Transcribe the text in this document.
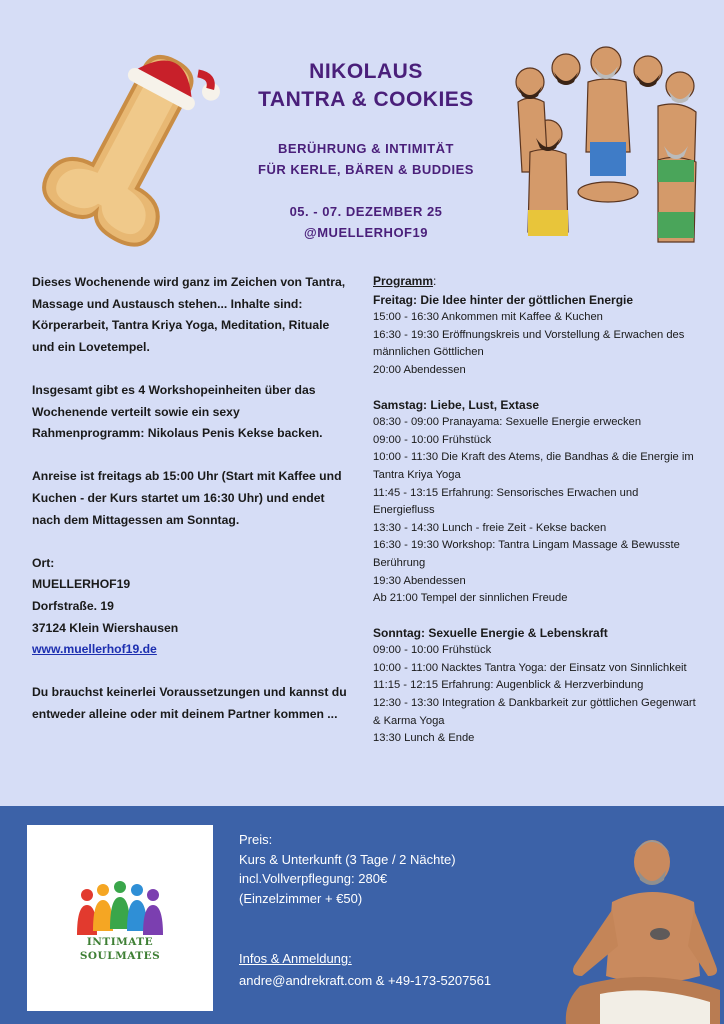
NIKOLAUS
TANTRA & COOKIES
BERÜHRUNG & INTIMITÄT
FÜR KERLE, BÄREN & BUDDIES
05. - 07. DEZEMBER 25
@MUELLERHOF19

Dieses Wochenende wird ganz im Zeichen von Tantra, Massage und Austausch stehen... Inhalte sind: Körperarbeit, Tantra Kriya Yoga, Meditation, Rituale und ein Lovetempel.

Insgesamt gibt es 4 Workshopeinheiten über das Wochenende verteilt sowie ein sexy Rahmenprogramm: Nikolaus Penis Kekse backen.

Anreise ist freitags ab 15:00 Uhr (Start mit Kaffee und Kuchen - der Kurs startet um 16:30 Uhr) und endet nach dem Mittagessen am Sonntag.

Ort:
MUELLERHOF19
Dorfstraße. 19
37124 Klein Wiershausen
www.muellerhof19.de

Du brauchst keinerlei Voraussetzungen und kannst du entweder alleine oder mit deinem Partner kommen ...

Programm:
Freitag: Die Idee hinter der göttlichen Energie
15:00 - 16:30 Ankommen mit Kaffee & Kuchen
16:30 - 19:30 Eröffnungskreis und Vorstellung & Erwachen des männlichen Göttlichen
20:00 Abendessen
Samstag: Liebe, Lust, Extase
08:30 - 09:00 Pranayama: Sexuelle Energie erwecken
09:00 - 10:00 Frühstück
10:00 - 11:30 Die Kraft des Atems, die Bandhas & die Energie im Tantra Kriya Yoga
11:45 - 13:15 Erfahrung: Sensorisches Erwachen und Energiefluss
13:30 - 14:30 Lunch - freie Zeit - Kekse backen
16:30 - 19:30 Workshop: Tantra Lingam Massage & Bewusste Berührung
19:30 Abendessen
Ab 21:00 Tempel der sinnlichen Freude
Sonntag: Sexuelle Energie & Lebenskraft
09:00 - 10:00 Frühstück
10:00 - 11:00 Nacktes Tantra Yoga: der Einsatz von Sinnlichkeit
11:15 - 12:15 Erfahrung: Augenblick & Herzverbindung
12:30 - 13:30 Integration & Dankbarkeit zur göttlichen Gegenwart & Karma Yoga
13:30 Lunch & Ende
INTIMATE
SOULMATES
Preis:
Kurs & Unterkunft (3 Tage / 2 Nächte)
incl.Vollverpflegung: 280€
(Einzelzimmer + €50)
Infos & Anmeldung:
andre@andrekraft.com & +49-173-5207561
